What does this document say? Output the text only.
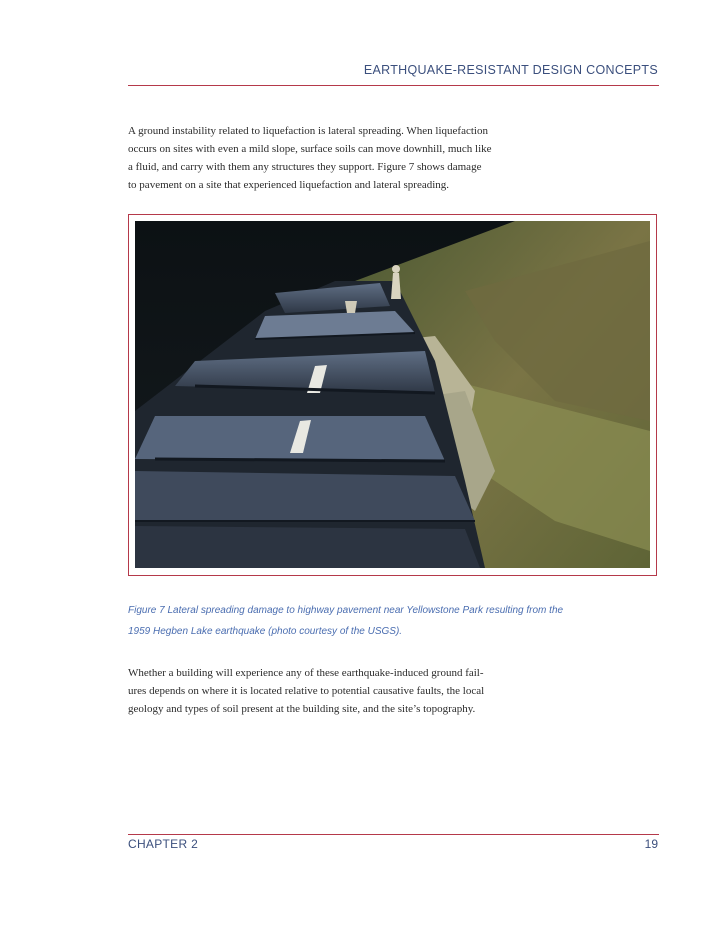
EARTHQUAKE-RESISTANT DESIGN CONCEPTS
A ground instability related to liquefaction is lateral spreading. When liquefaction
occurs on sites with even a mild slope, surface soils can move downhill, much like
a fluid, and carry with them any structures they support. Figure 7 shows damage
to pavement on a site that experienced liquefaction and lateral spreading.
Figure 7 Lateral spreading damage to highway pavement near Yellowstone Park resulting from the
1959 Hegben Lake earthquake (photo courtesy of the USGS).
Whether a building will experience any of these earthquake-induced ground fail-
ures depends on where it is located relative to potential causative faults, the local
geology and types of soil present at the building site, and the site’s topography.
CHAPTER 2	19
